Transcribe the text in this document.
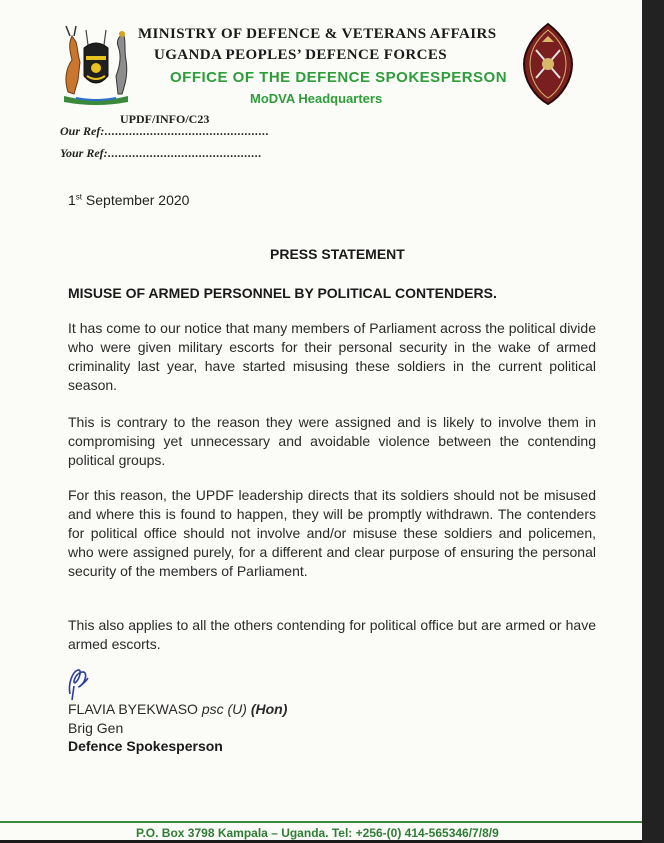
MINISTRY OF DEFENCE & VETERANS AFFAIRS
UGANDA PEOPLES’ DEFENCE FORCES
OFFICE OF THE DEFENCE SPOKESPERSON
MoDVA Headquarters
UPDF/INFO/C23
Our Ref:...............................................
Your Ref:............................................
1st September 2020
PRESS STATEMENT
MISUSE OF ARMED PERSONNEL BY POLITICAL CONTENDERS.

It has come to our notice that many members of Parliament across the political divide who were given military escorts for their personal security in the wake of armed criminality last year, have started misusing these soldiers in the current political season.

This is contrary to the reason they were assigned and is likely to involve them in compromising yet unnecessary and avoidable violence between the contending political groups.

For this reason, the UPDF leadership directs that its soldiers should not be misused and where this is found to happen, they will be promptly withdrawn. The contenders for political office should not involve and/or misuse these soldiers and policemen, who were assigned purely, for a different and clear purpose of ensuring the personal security of the members of Parliament.

This also applies to all the others contending for political office but are armed or have armed escorts.

FLAVIA BYEKWASO psc (U) (Hon)
Brig Gen
Defence Spokesperson
P.O. Box 3798 Kampala – Uganda. Tel: +256-(0) 414-565346/7/8/9
